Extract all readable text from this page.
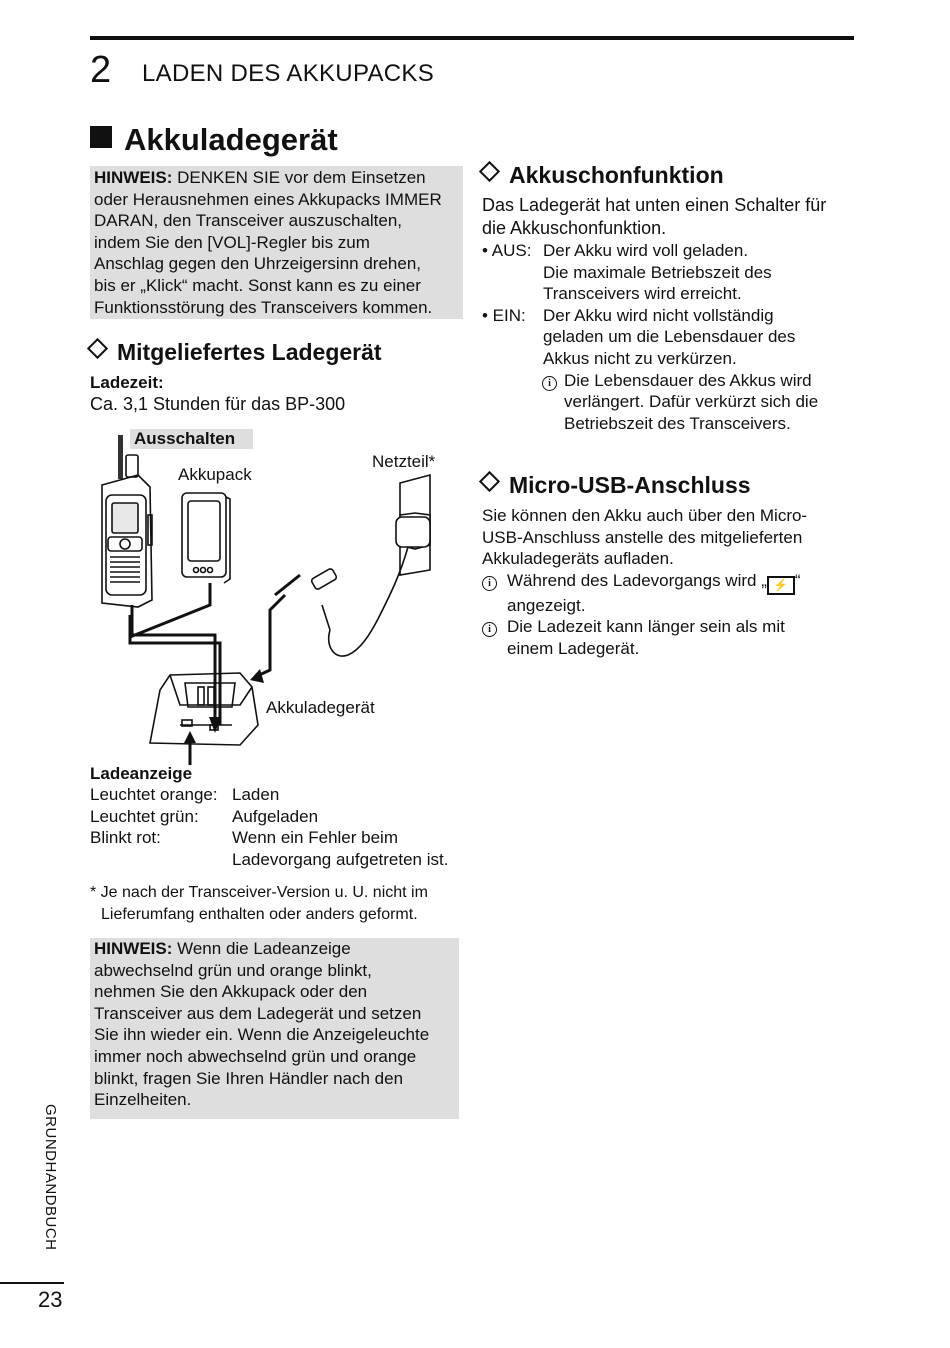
2 LADEN DES AKKUPACKS
Akkuladegerät

HINWEIS: DENKEN SIE vor dem Einsetzen

oder Herausnehmen eines Akkupacks IMMER

DARAN, den Transceiver auszuschalten,

indem Sie den [VOL]-Regler bis zum

Anschlag gegen den Uhrzeigersinn drehen,

bis er „Klick“ macht. Sonst kann es zu einer

Funktionsstörung des Transceivers kommen.

Mitgeliefertes Ladegerät
Ladezeit:
Ca. 3,1 Stunden für das BP-300
Ausschalten
Akkupack
Netzteil*
Akkuladegerät
Ladeanzeige
Leuchtet orange: Laden
Leuchtet grün:	Aufgeladen
Blinkt rot:	Wenn ein Fehler beim
Ladevorgang aufgetreten ist.
* Je nach der Transceiver-Version u. U. nicht im
Lieferumfang enthalten oder anders geformt.

HINWEIS: Wenn die Ladeanzeige

abwechselnd grün und orange blinkt,

nehmen Sie den Akkupack oder den

Transceiver aus dem Ladegerät und setzen

Sie ihn wieder ein. Wenn die Anzeigeleuchte

immer noch abwechselnd grün und orange

blinkt, fragen Sie Ihren Händler nach den

Einzelheiten.

Akkuschonfunktion
Das Ladegerät hat unten einen Schalter für
die Akkuschonfunktion.
• AUS: Der Akku wird voll geladen.
Die maximale Betriebszeit des
Transceivers wird erreicht.
• EIN:	Der Akku wird nicht vollständig
geladen um die Lebensdauer des
Akkus nicht zu verkürzen.
i Die Lebensdauer des Akkus wird
verlängert. Dafür verkürzt sich die
Betriebszeit des Transceivers.
Micro-USB-Anschluss
Sie können den Akku auch über den Micro-
USB-Anschluss anstelle des mitgelieferten
Akkuladegeräts aufladen.
i Während des Ladevorgangs wird „ ⚡ “
angezeigt.
i Die Ladezeit kann länger sein als mit
einem Ladegerät.
GRUNDHANDBUCH
23
